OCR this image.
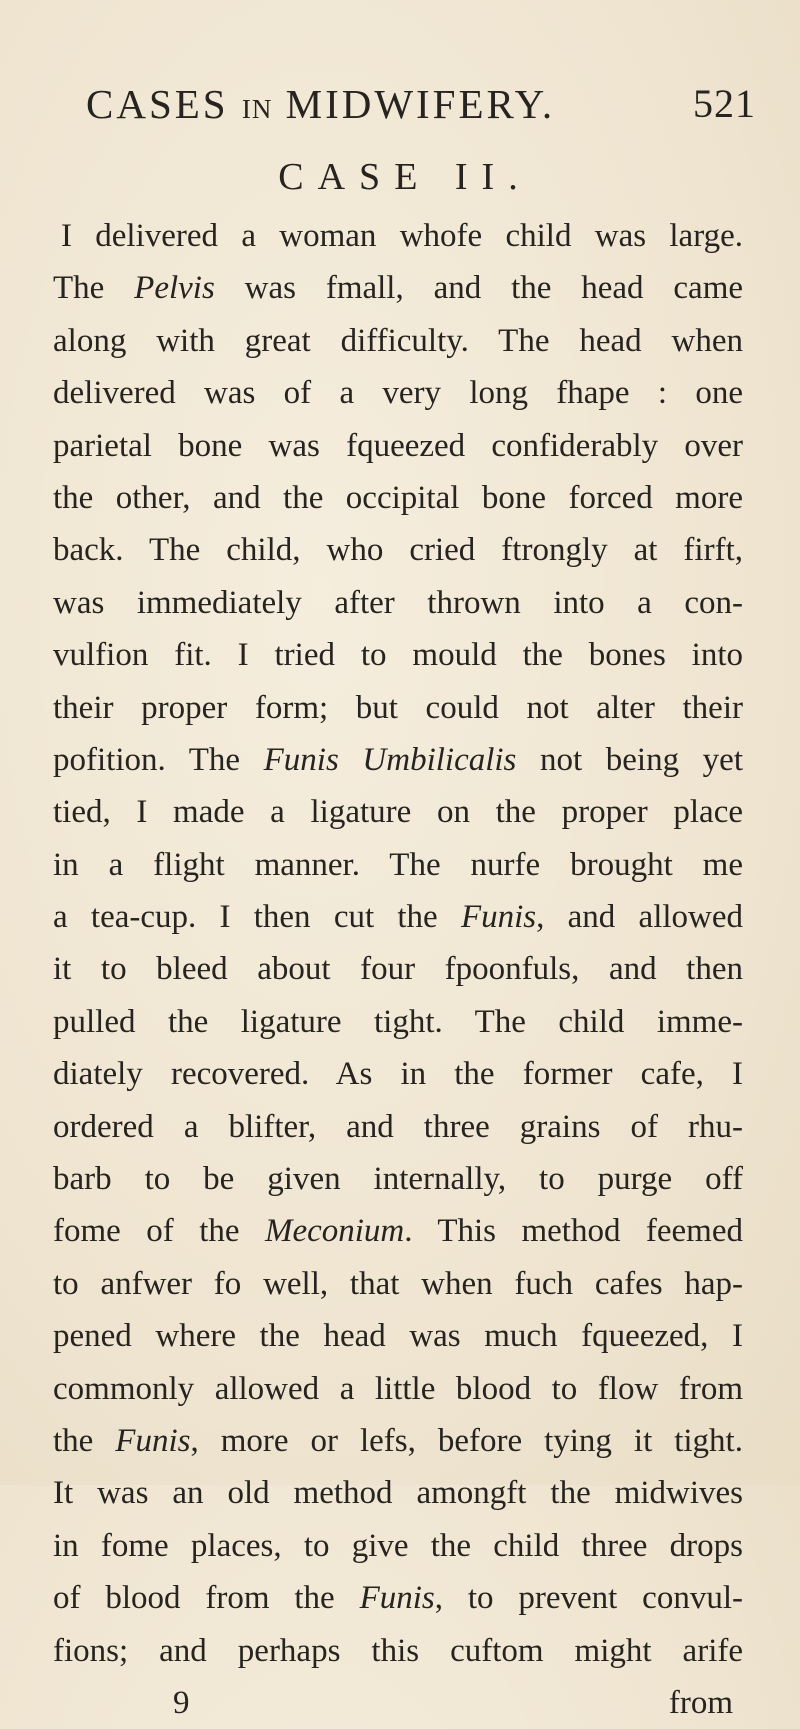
CASES IN MIDWIFERY.	521
CASE II.
I delivered a woman whofe child was large.
The Pelvis was fmall, and the head came
along with great difficulty. The head when
delivered was of a very long fhape : one
parietal bone was fqueezed confiderably over
the other, and the occipital bone forced more
back. The child, who cried ftrongly at firft,
was immediately after thrown into a con-
vulfion fit. I tried to mould the bones into
their proper form; but could not alter their
pofition. The Funis Umbilicalis not being yet
tied, I made a ligature on the proper place
in a flight manner. The nurfe brought me
a tea-cup. I then cut the Funis, and allowed
it to bleed about four fpoonfuls, and then
pulled the ligature tight. The child imme-
diately recovered. As in the former cafe, I
ordered a blifter, and three grains of rhu-
barb to be given internally, to purge off
fome of the Meconium. This method feemed
to anfwer fo well, that when fuch cafes hap-
pened where the head was much fqueezed, I
commonly allowed a little blood to flow from
the Funis, more or lefs, before tying it tight.
It was an old method amongft the midwives
in fome places, to give the child three drops
of blood from the Funis, to prevent convul-
fions; and perhaps this cuftom might arife
9	from
